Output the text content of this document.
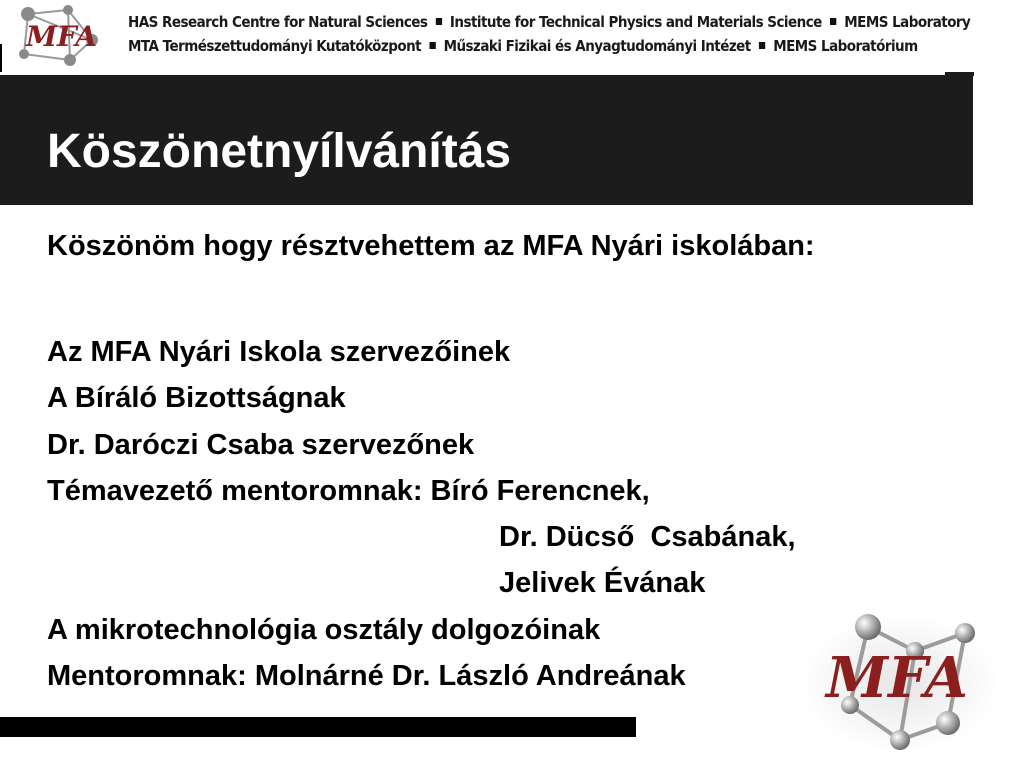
MFA HAS Research Centre for Natural Sciences Institute for Technical Physics and Materials Science MEMS Laboratory
MTA Természettudományi Kutatóközpont Műszaki Fizikai és Anyagtudományi Intézet MEMS Laboratórium
Köszönetnyílvánítás
Köszönöm hogy résztvehettem az MFA Nyári iskolában:
Az MFA Nyári Iskola szervezőinek
A Bíráló Bizottságnak
Dr. Daróczi Csaba szervezőnek
Témavezető mentoromnak: Bíró Ferencnek,
Dr. Dücső  Csabának,
Jelivek Évának
A mikrotechnológia osztály dolgozóinak
Mentoromnak: Molnárné Dr. László Andreának	MFA
